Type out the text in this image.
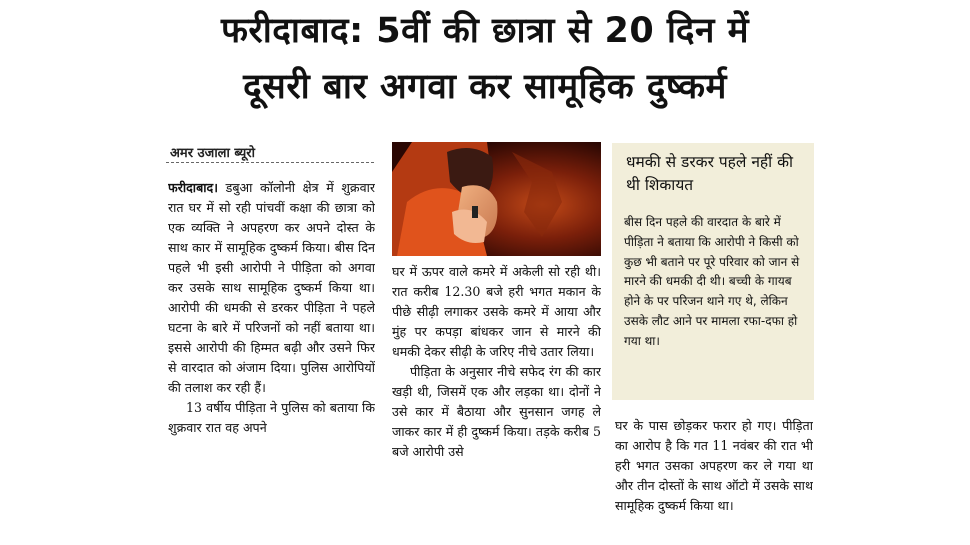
फरीदाबाद: 5वीं की छात्रा से 20 दिन में
दूसरी बार अगवा कर सामूहिक दुष्कर्म
अमर उजाला ब्यूरो

फरीदाबाद। डबुआ कॉलोनी क्षेत्र में शुक्रवार रात घर में सो रही पांचवीं कक्षा की छात्रा को एक व्यक्ति ने अपहरण कर अपने दोस्त के साथ कार में सामूहिक दुष्कर्म किया। बीस दिन पहले भी इसी आरोपी ने पीड़िता को अगवा कर उसके साथ सामूहिक दुष्कर्म किया था। आरोपी की धमकी से डरकर पीड़िता ने पहले घटना के बारे में परिजनों को नहीं बताया था। इससे आरोपी की हिम्मत बढ़ी और उसने फिर से वारदात को अंजाम दिया। पुलिस आरोपियों की तलाश कर रही हैं।

13 वर्षीय पीड़िता ने पुलिस को बताया कि शुक्रवार रात वह अपने

घर में ऊपर वाले कमरे में अकेली सो रही थी। रात करीब 12.30 बजे हरी भगत मकान के पीछे सीढ़ी लगाकर उसके कमरे में आया और मुंह पर कपड़ा बांधकर जान से मारने की धमकी देकर सीढ़ी के जरिए नीचे उतार लिया।

पीड़िता के अनुसार नीचे सफेद रंग की कार खड़ी थी, जिसमें एक और लड़का था। दोनों ने उसे कार में बैठाया और सुनसान जगह ले जाकर कार में ही दुष्कर्म किया। तड़के करीब 5 बजे आरोपी उसे

धमकी से डरकर पहले नहीं की थी शिकायत
बीस दिन पहले की वारदात के बारे में पीड़िता ने बताया कि आरोपी ने किसी को कुछ भी बताने पर पूरे परिवार को जान से मारने की धमकी दी थी। बच्ची के गायब होने के पर परिजन थाने गए थे, लेकिन उसके लौट आने पर मामला रफा-दफा हो गया था।

घर के पास छोड़कर फरार हो गए। पीड़िता का आरोप है कि गत 11 नवंबर की रात भी हरी भगत उसका अपहरण कर ले गया था और तीन दोस्तों के साथ ऑटो में उसके साथ सामूहिक दुष्कर्म किया था।
